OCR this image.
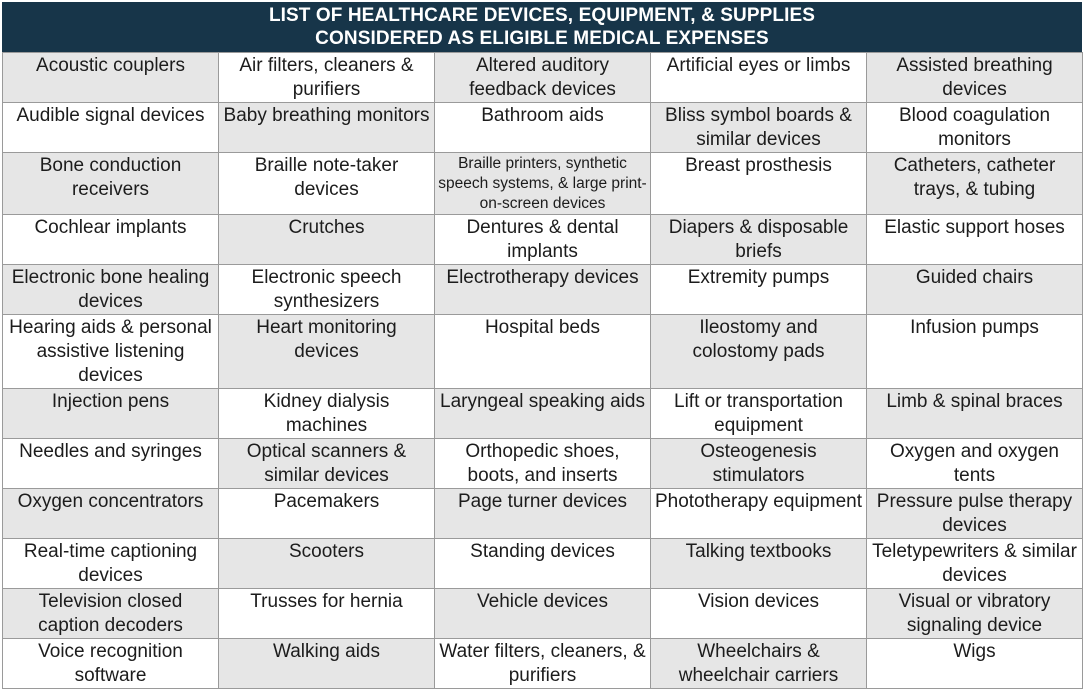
LIST OF HEALTHCARE DEVICES, EQUIPMENT, & SUPPLIES
CONSIDERED AS ELIGIBLE MEDICAL EXPENSES
Acoustic couplers	Air filters, cleaners & purifiers	Altered auditory feedback devices	Artificial eyes or limbs	Assisted breathing devices
Audible signal devices	Baby breathing monitors	Bathroom aids	Bliss symbol boards & similar devices	Blood coagulation monitors
Bone conduction receivers	Braille note-taker devices	Braille printers, synthetic speech systems, & large print-on-screen devices	Breast prosthesis	Catheters, catheter trays, & tubing
Cochlear implants	Crutches	Dentures & dental implants	Diapers & disposable briefs	Elastic support hoses
Electronic bone healing devices	Electronic speech synthesizers	Electrotherapy devices	Extremity pumps	Guided chairs
Hearing aids & personal assistive listening devices	Heart monitoring devices	Hospital beds	Ileostomy and colostomy pads	Infusion pumps
Injection pens	Kidney dialysis machines	Laryngeal speaking aids	Lift or transportation equipment	Limb & spinal braces
Needles and syringes	Optical scanners & similar devices	Orthopedic shoes, boots, and inserts	Osteogenesis stimulators	Oxygen and oxygen tents
Oxygen concentrators	Pacemakers	Page turner devices	Phototherapy equipment	Pressure pulse therapy devices
Real-time captioning devices	Scooters	Standing devices	Talking textbooks	Teletypewriters & similar devices
Television closed caption decoders	Trusses for hernia	Vehicle devices	Vision devices	Visual or vibratory signaling device
Voice recognition software	Walking aids	Water filters, cleaners, & purifiers	Wheelchairs & wheelchair carriers	Wigs
